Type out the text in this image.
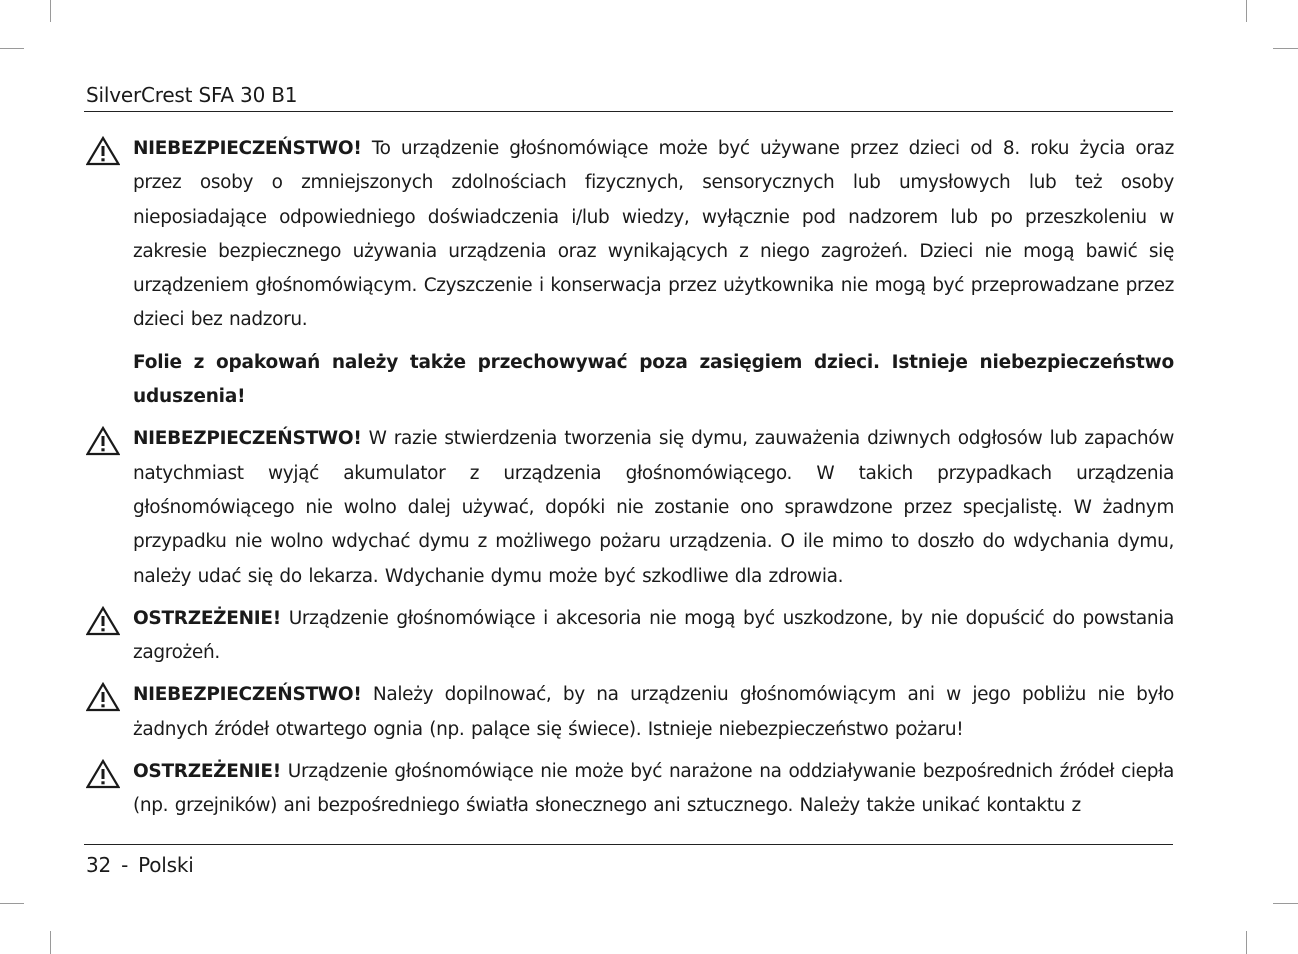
SilverCrest SFA 30 B1
NIEBEZPIECZEŃSTWO! To urządzenie głośnomówiące może być używane przez dzieci od 8. roku życia oraz przez osoby o zmniejszonych zdolnościach fizycznych, sensorycznych lub umysłowych lub też osoby nieposiadające odpowiedniego doświadczenia i/lub wiedzy, wyłącznie pod nadzorem lub po przeszkoleniu w zakresie bezpiecznego używania urządzenia oraz wynikających z niego zagrożeń. Dzieci nie mogą bawić się urządzeniem głośnomówiącym. Czyszczenie i konserwacja przez użytkownika nie mogą być przeprowadzane przez dzieci bez nadzoru.
Folie z opakowań należy także przechowywać poza zasięgiem dzieci. Istnieje niebezpieczeństwo uduszenia!
NIEBEZPIECZEŃSTWO! W razie stwierdzenia tworzenia się dymu, zauważenia dziwnych odgłosów lub zapachów natychmiast wyjąć akumulator z urządzenia głośnomówiącego. W takich przypadkach urządzenia głośnomówiącego nie wolno dalej używać, dopóki nie zostanie ono sprawdzone przez specjalistę. W żadnym przypadku nie wolno wdychać dymu z możliwego pożaru urządzenia. O ile mimo to doszło do wdychania dymu, należy udać się do lekarza. Wdychanie dymu może być szkodliwe dla zdrowia.
OSTRZEŻENIE! Urządzenie głośnomówiące i akcesoria nie mogą być uszkodzone, by nie dopuścić do powstania zagrożeń.
NIEBEZPIECZEŃSTWO! Należy dopilnować, by na urządzeniu głośnomówiącym ani w jego pobliżu nie było żadnych źródeł otwartego ognia (np. palące się świece). Istnieje niebezpieczeństwo pożaru!
OSTRZEŻENIE! Urządzenie głośnomówiące nie może być narażone na oddziaływanie bezpośrednich źródeł ciepła (np. grzejników) ani bezpośredniego światła słonecznego ani sztucznego. Należy także unikać kontaktu z
32 - Polski
